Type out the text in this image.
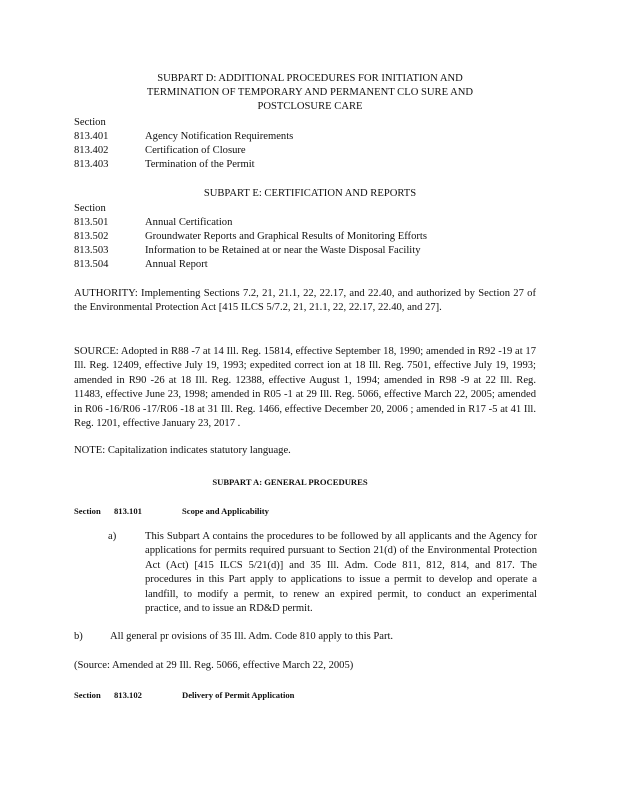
SUBPART D: ADDITIONAL PROCEDURES FOR INITIATION AND
TERMINATION OF TEMPORARY AND PERMANENT CLO SURE AND
POSTCLOSURE CARE
Section
813.401	Agency Notification Requirements
813.402	Certification of Closure
813.403	Termination of the Permit
SUBPART E: CERTIFICATION AND REPORTS
Section
813.501	Annual Certification
813.502	Groundwater Reports and Graphical Results of Monitoring Efforts
813.503	Information to be Retained at or near the Waste Disposal Facility
813.504	Annual Report
AUTHORITY: Implementing Sections 7.2, 21, 21.1, 22, 22.17, and 22.40, and authorized by Section 27 of the Environmental Protection Act [415 ILCS 5/7.2, 21, 21.1, 22, 22.17, 22.40, and 27].
SOURCE: Adopted in R88 -7 at 14 Ill. Reg. 15814, effective September 18, 1990; amended in R92 -19 at 17 Ill. Reg. 12409, effective July 19, 1993; expedited correct ion at 18 Ill. Reg. 7501, effective July 19, 1993; amended in R90 -26 at 18 Ill. Reg. 12388, effective August 1, 1994; amended in R98 -9 at 22 Ill. Reg. 11483, effective June 23, 1998; amended in R05 -1 at 29 Ill. Reg. 5066, effective March 22, 2005; amended in R06 -16/R06 -17/R06 -18 at 31 Ill. Reg. 1466, effective December 20, 2006 ; amended in R17 -5 at 41 Ill. Reg. 1201, effective January 23, 2017 .
NOTE: Capitalization indicates statutory language.
SUBPART A: GENERAL PROCEDURES
Section 813.101	Scope and Applicability
a)	This Subpart A contains the procedures to be followed by all applicants and the Agency for applications for permits required pursuant to Section 21(d) of the Environmental Protection Act (Act) [415 ILCS 5/21(d)] and 35 Ill. Adm. Code 811, 812, 814, and 817. The procedures in this Part apply to applications to issue a permit to develop and operate a landfill, to modify a permit, to renew an expired permit, to conduct an experimental practice, and to issue an RD&D permit.
b)	All general pr ovisions of 35 Ill. Adm. Code 810 apply to this Part.
(Source: Amended at 29 Ill. Reg. 5066, effective March 22, 2005)
Section 813.102	Delivery of Permit Application
